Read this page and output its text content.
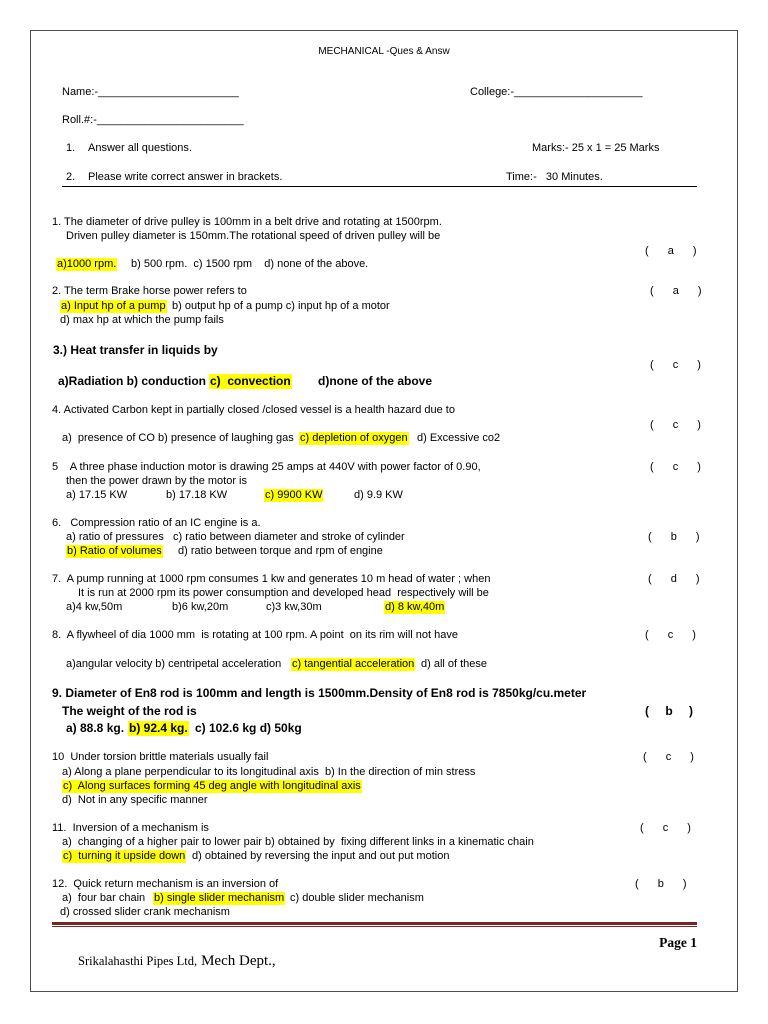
MECHANICAL -Ques & Answ
Name:-_______________________	College:-_____________________
Roll.#:-________________________
1. Answer all questions.	Marks:- 25 x 1 = 25 Marks
2. Please write correct answer in brackets.	Time:-   30 Minutes.
1. The diameter of drive pulley is 100mm in a belt drive and rotating at 1500rpm.
Driven pulley diameter is 150mm.The rotational speed of driven pulley will be
( a )
a)1000 rpm. b) 500 rpm.  c) 1500 rpm    d) none of the above.
2. The term Brake horse power refers to	( a )
a) Input hp of a pump b) output hp of a pump c) input hp of a motor
d) max hp at which the pump fails
3.) Heat transfer in liquids by
( c )
a)Radiation b) conduction c)  convection d)none of the above
4. Activated Carbon kept in partially closed /closed vessel is a health hazard due to
( c )
a)  presence of CO b) presence of laughing gas c) depletion of oxygen d) Excessive co2
5    A three phase induction motor is drawing 25 amps at 440V with power factor of 0.90,	( c )
then the power drawn by the motor is
a) 17.15 KW	b) 17.18 KW	c) 9900 KW	d) 9.9 KW
6.   Compression ratio of an IC engine is a.
a) ratio of pressures   c) ratio between diameter and stroke of cylinder	( b )
b) Ratio of volumes d) ratio between torque and rpm of engine
7.  A pump running at 1000 rpm consumes 1 kw and generates 10 m head of water ; when	( d )
It is run at 2000 rpm its power consumption and developed head  respectively will be
a)4 kw,50m	b)6 kw,20m	c)3 kw,30m	d) 8 kw,40m
8.  A flywheel of dia 1000 mm  is rotating at 100 rpm. A point  on its rim will not have	( c )
a)angular velocity b) centripetal acceleration c) tangential acceleration d) all of these
9. Diameter of En8 rod is 100mm and length is 1500mm.Density of En8 rod is 7850kg/cu.meter
The weight of the rod is	( b )
a) 88.8 kg. b) 92.4 kg. c) 102.6 kg d) 50kg
10  Under torsion brittle materials usually fail	( c )
a) Along a plane perpendicular to its longitudinal axis  b) In the direction of min stress
c)  Along surfaces forming 45 deg angle with longitudinal axis
d)  Not in any specific manner
11.  Inversion of a mechanism is	( c )
a)  changing of a higher pair to lower pair b) obtained by  fixing different links in a kinematic chain
c)  turning it upside down d) obtained by reversing the input and out put motion
12.  Quick return mechanism is an inversion of	( b )
a)  four bar chain b) single slider mechanism c) double slider mechanism
d) crossed slider crank mechanism

Srikalahasthi Pipes Ltd, Mech Dept.,

Page 1
